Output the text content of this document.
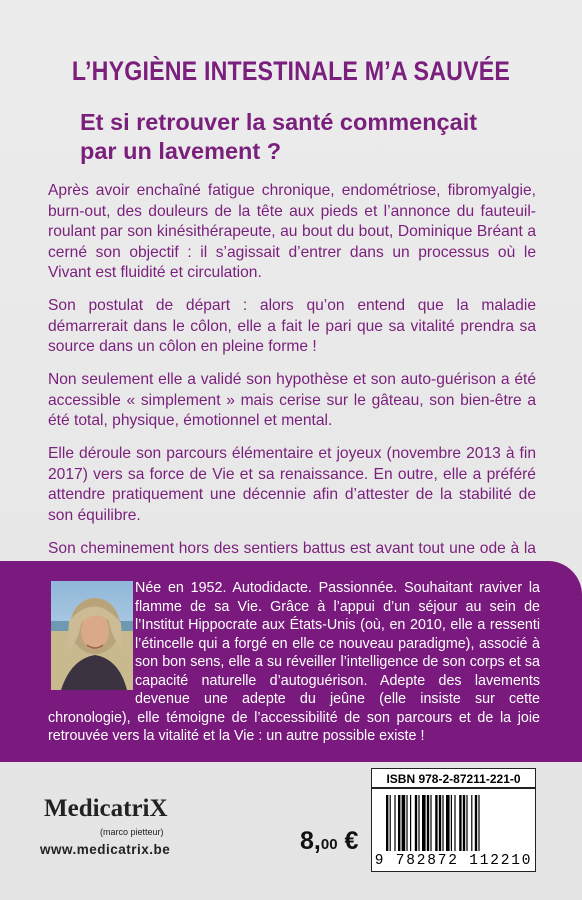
L’HYGIÈNE INTESTINALE M’A SAUVÉE
Et si retrouver la santé commençait par un lavement ?

Après avoir enchaîné fatigue chronique, endométriose, fibromyalgie, burn-out, des douleurs de la tête aux pieds et l’annonce du fauteuil-roulant par son kinésithérapeute, au bout du bout, Dominique Bréant a cerné son objectif : il s’agissait d’entrer dans un processus où le Vivant est fluidité et circulation.

Son postulat de départ : alors qu’on entend que la maladie démarrerait dans le côlon, elle a fait le pari que sa vitalité prendra sa source dans un côlon en pleine forme !

Non seulement elle a validé son hypothèse et son auto-guérison a été accessible « simplement » mais cerise sur le gâteau, son bien-être a été total, physique, émotionnel et mental.

Elle déroule son parcours élémentaire et joyeux (novembre 2013 à fin 2017) vers sa force de Vie et sa renaissance. En outre, elle a préféré attendre pratiquement une décennie afin d’attester de la stabilité de son équilibre.

Son cheminement hors des sentiers battus est avant tout une ode à la

Née en 1952. Autodidacte. Passionnée. Souhaitant raviver la flamme de sa Vie. Grâce à l’appui d’un séjour au sein de l’Institut Hippocrate aux États-Unis (où, en 2010, elle a ressenti l’étincelle qui a forgé en elle ce nouveau paradigme), associé à son bon sens, elle a su réveiller l’intelligence de son corps et sa capacité naturelle d’autoguérison. Adepte des lavements devenue une adepte du jeûne (elle insiste sur cette chronologie), elle témoigne de l’accessibilité de son parcours et de la joie retrouvée vers la vitalité et la Vie : un autre possible existe !
ISBN 978-2-87211-221-0
9 782872 112210
MedicatriX
(marco pietteur)
www.medicatrix.be	8,00 €
